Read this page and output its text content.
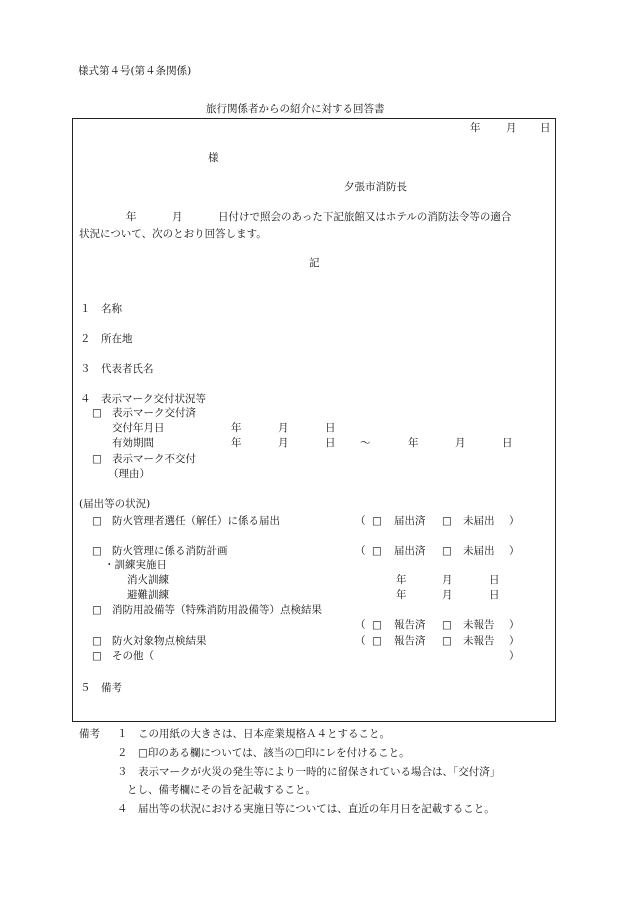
様式第４号(第４条関係)
旅行関係者からの紹介に対する回答書
年 月 日
様
夕張市消防長
年	月	日付けで照会のあった下記旅館又はホテルの消防法令等の適合
状況について、次のとおり回答します。
記
１　名称
２　所在地
３　代表者氏名
４　表示マーク交付状況等
□ 表示マーク交付済
交付年月日	年	月	日
有効期間	年	月	日 ～	年	月	日
□ 表示マーク不交付
（理由）
(届出等の状況)
□ 防火管理者選任（解任）に係る届出	（ □ 届出済 □ 未届出 ）
□ 防火管理に係る消防計画	（ □ 届出済 □ 未届出 ）
・訓練実施日
消火訓練	年	月	日
避難訓練	年	月	日
□ 消防用設備等（特殊消防用設備等）点検結果
（ □ 報告済 □ 未報告 ）
□ 防火対象物点検結果	（ □ 報告済 □ 未報告 ）
□ その他（	）
５　備考
備考 １ この用紙の大きさは、日本産業規格Ａ４とすること。
２ □印のある欄については、該当の□印にレを付けること。
３ 表示マークが火災の発生等により一時的に留保されている場合は、「交付済」
とし、備考欄にその旨を記載すること。
４ 届出等の状況における実施日等については、直近の年月日を記載すること。
